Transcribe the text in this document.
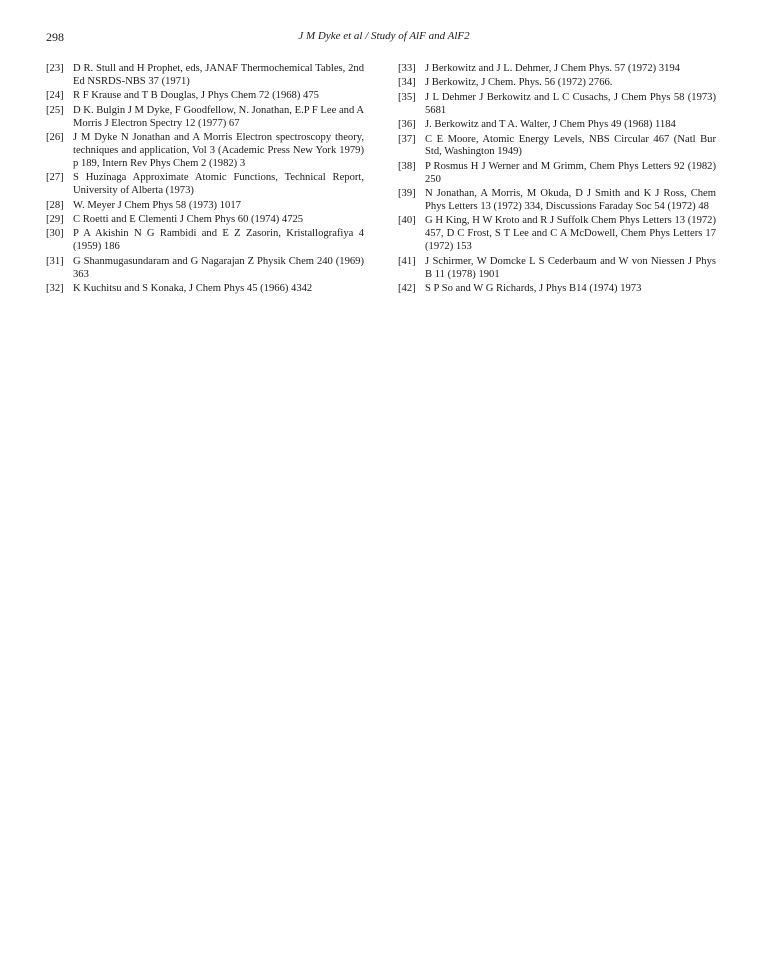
298	J M Dyke et al / Study of AlF and AlF2
[23] D R. Stull and H Prophet, eds, JANAF Thermochemical Tables, 2nd Ed NSRDS-NBS 37 (1971)
[24] R F Krause and T B Douglas, J Phys Chem 72 (1968) 475
[25] D K. Bulgin J M Dyke, F Goodfellow, N. Jonathan, E.P F Lee and A Morris J Electron Spectry 12 (1977) 67
[26] J M Dyke N Jonathan and A Morris Electron spectroscopy theory, techniques and application, Vol 3 (Academic Press New York 1979) p 189, Intern Rev Phys Chem 2 (1982) 3
[27] S Huzinaga Approximate Atomic Functions, Technical Report, University of Alberta (1973)
[28] W. Meyer J Chem Phys 58 (1973) 1017
[29] C Roetti and E Clementi J Chem Phys 60 (1974) 4725
[30] P A Akishin N G Rambidi and E Z Zasorin, Kristallografiya 4 (1959) 186
[31] G Shanmugasundaram and G Nagarajan Z Physik Chem 240 (1969) 363
[32] K Kuchitsu and S Konaka, J Chem Phys 45 (1966) 4342
[33] J Berkowitz and J L. Dehmer, J Chem Phys. 57 (1972) 3194
[34] J Berkowitz, J Chem. Phys. 56 (1972) 2766.
[35] J L Dehmer J Berkowitz and L C Cusachs, J Chem Phys 58 (1973) 5681
[36] J. Berkowitz and T A. Walter, J Chem Phys 49 (1968) 1184
[37] C E Moore, Atomic Energy Levels, NBS Circular 467 (Natl Bur Std, Washington 1949)
[38] P Rosmus H J Werner and M Grimm, Chem Phys Letters 92 (1982) 250
[39] N Jonathan, A Morris, M Okuda, D J Smith and K J Ross, Chem Phys Letters 13 (1972) 334, Discussions Faraday Soc 54 (1972) 48
[40] G H King, H W Kroto and R J Suffolk Chem Phys Letters 13 (1972) 457, D C Frost, S T Lee and C A McDowell, Chem Phys Letters 17 (1972) 153
[41] J Schirmer, W Domcke L S Cederbaum and W von Niessen J Phys B 11 (1978) 1901
[42] S P So and W G Richards, J Phys B14 (1974) 1973
